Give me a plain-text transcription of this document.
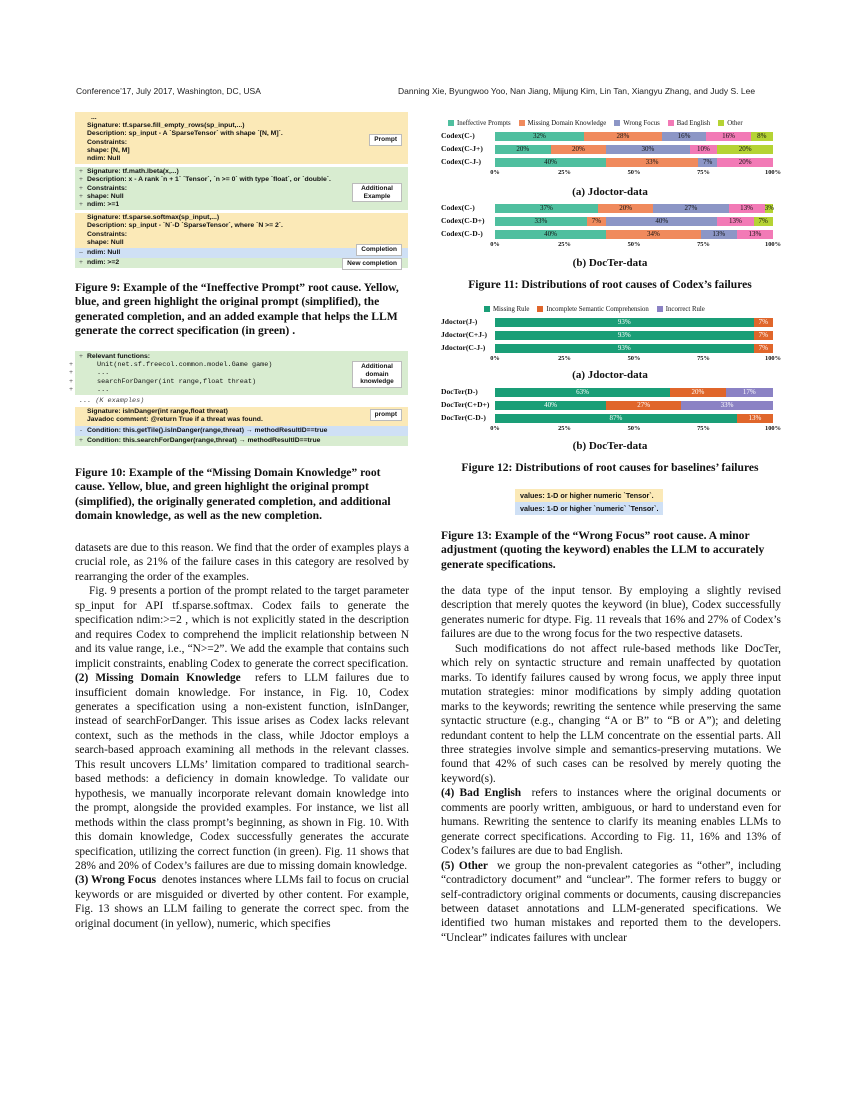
Conference’17, July 2017, Washington, DC, USA	Danning Xie, Byungwoo Yoo, Nan Jiang, Mijung Kim, Lin Tan, Xiangyu Zhang, and Judy S. Lee
...
Signature: tf.sparse.fill_empty_rows(sp_input,...)
Description: sp_input - A `SparseTensor` with shape `[N, M]`.
Constraints:
shape: [N, M]
ndim: Null
Prompt
+ Signature: tf.math.lbeta(x,...)
+ Description: x - A rank `n + 1` `Tensor`, `n >= 0` with type `float`, or `double`.
+ Constraints:
+ shape: Null
+ ndim: >=1
Additional Example
Signature: tf.sparse.softmax(sp_input,...)
Description: sp_input - `N`-D `SparseTensor`, where `N >= 2`.
Constraints:
shape: Null
– ndim: Null	Completion
+ ndim: >=2	New completion
Figure 9: Example of the “Ineffective Prompt” root cause. Yellow, blue, and green highlight the original prompt (simplified), the generated completion, and an added example that helps the LLM generate the correct specification (in green) .
+ Relevant functions:
+	Unit(net.sf.freecol.common.model.Game game)
+	...
+	searchForDanger(int range,float threat)
+	...
Additional domain knowledge
... (K examples)
Signature: isInDanger(int range,float threat)
Javadoc comment: @return True if a threat was found.
prompt
- Condition: this.getTile().isInDanger(range,threat) → methodResultID==true
+ Condition: this.searchForDanger(range,threat) → methodResultID==true
Figure 10: Example of the “Missing Domain Knowledge” root cause. Yellow, blue, and green highlight the original prompt (simplified), the originally generated completion, and additional domain knowledge, as well as the new completion.

datasets are due to this reason. We find that the order of examples plays a crucial role, as 21% of the failure cases in this category are resolved by rearranging the order of the examples.

Fig. 9 presents a portion of the prompt related to the target parameter sp_input for API tf.sparse.softmax. Codex fails to generate the specification ndim:>=2 , which is not explicitly stated in the description and requires Codex to comprehend the implicit relationship between N and its value range, i.e., “N>=2”. We add the example that contains such implicit constraints, enabling Codex to generate the correct specification.

(2) Missing Domain Knowledge refers to LLM failures due to insufficient domain knowledge. For instance, in Fig. 10, Codex generates a specification using a non-existent function, isInDanger, instead of searchForDanger. This issue arises as Codex lacks relevant context, such as the methods in the class, while Jdoctor employs a search-based approach examining all methods in the relevant classes. This result uncovers LLMs’ limitation compared to traditional search-based methods: a deficiency in domain knowledge. To validate our hypothesis, we manually incorporate relevant domain knowledge into the prompt, alongside the provided examples. For instance, we list all methods within the class prompt’s beginning, as shown in Fig. 10. With this domain knowledge, Codex successfully generates the accurate specification, utilizing the correct function (in green). Fig. 11 shows that 28% and 20% of Codex’s failures are due to missing domain knowledge.

(3) Wrong Focus denotes instances where LLMs fail to focus on crucial keywords or are misguided or diverted by other content. For example, Fig. 13 shows an LLM failing to generate the correct spec. from the original document (in yellow), numeric, which specifies

Ineffective Prompts	Missing Domain Knowledge	Wrong Focus	Bad English	Other
Codex(C-)	32%	28%	16%	16%	8%
Codex(C-J+)	20%	20%	30%	10%	20%
Codex(C-J-)	40%	33%	7%	20%
0%	25%	50%	75%	100%
Codex(C-)	37%	20%	27%	13%	3%
Codex(C-D+)	33%	7%	40%	13%	7%
Codex(C-D-)	40%	34%	13%	13%
0%	25%	50%	75%	100%
Missing Rule	Incomplete Semantic Comprehension	Incorrect Rule
Jdoctor(J-)	93%	7%
Jdoctor(C+J-)	93%	7%
Jdoctor(C-J-)	93%	7%
0%	25%	50%	75%	100%
DocTer(D-)	63%	20%	17%
DocTer(C+D+)	40%	27%	33%
DocTer(C-D-)	87%	13%
0%	25%	50%	75%	100%
(a) Jdoctor-data
(b) DocTer-data
Figure 11: Distributions of root causes of Codex’s failures
(a) Jdoctor-data
(b) DocTer-data
Figure 12: Distributions of root causes for baselines’ failures
values: 1-D or higher numeric `Tensor`.
values: 1-D or higher `numeric` `Tensor`.
Figure 13: Example of the “Wrong Focus” root cause. A minor adjustment (quoting the keyword) enables the LLM to accurately generate specifications.

the data type of the input tensor. By employing a slightly revised description that merely quotes the keyword (in blue), Codex successfully generates numeric for dtype. Fig. 11 reveals that 16% and 27% of Codex’s failures are due to the wrong focus for the two respective datasets.

Such modifications do not affect rule-based methods like DocTer, which rely on syntactic structure and remain unaffected by quotation marks. To identify failures caused by wrong focus, we apply three input mutation strategies: minor modifications by simply adding quotation marks to the keywords; rewriting the sentence while preserving the same syntactic structure (e.g., changing “A or B” to “B or A”); and deleting redundant content to help the LLM concentrate on the essential parts. All three strategies involve simple and semantics-preserving mutations. We found that 42% of such cases can be resolved by merely quoting the keyword(s).

(4) Bad English refers to instances where the original documents or comments are poorly written, ambiguous, or hard to understand even for humans. Rewriting the sentence to clarify its meaning enables LLMs to generate correct specifications. According to Fig. 11, 16% and 13% of Codex’s failures are due to bad English.

(5) Other we group the non-prevalent categories as “other”, including “contradictory document” and “unclear”. The former refers to buggy or self-contradictory original comments or documents, causing discrepancies between dataset annotations and LLM-generated specifications. We identified two human mistakes and reported them to the developers. “Unclear” indicates failures with unclear
